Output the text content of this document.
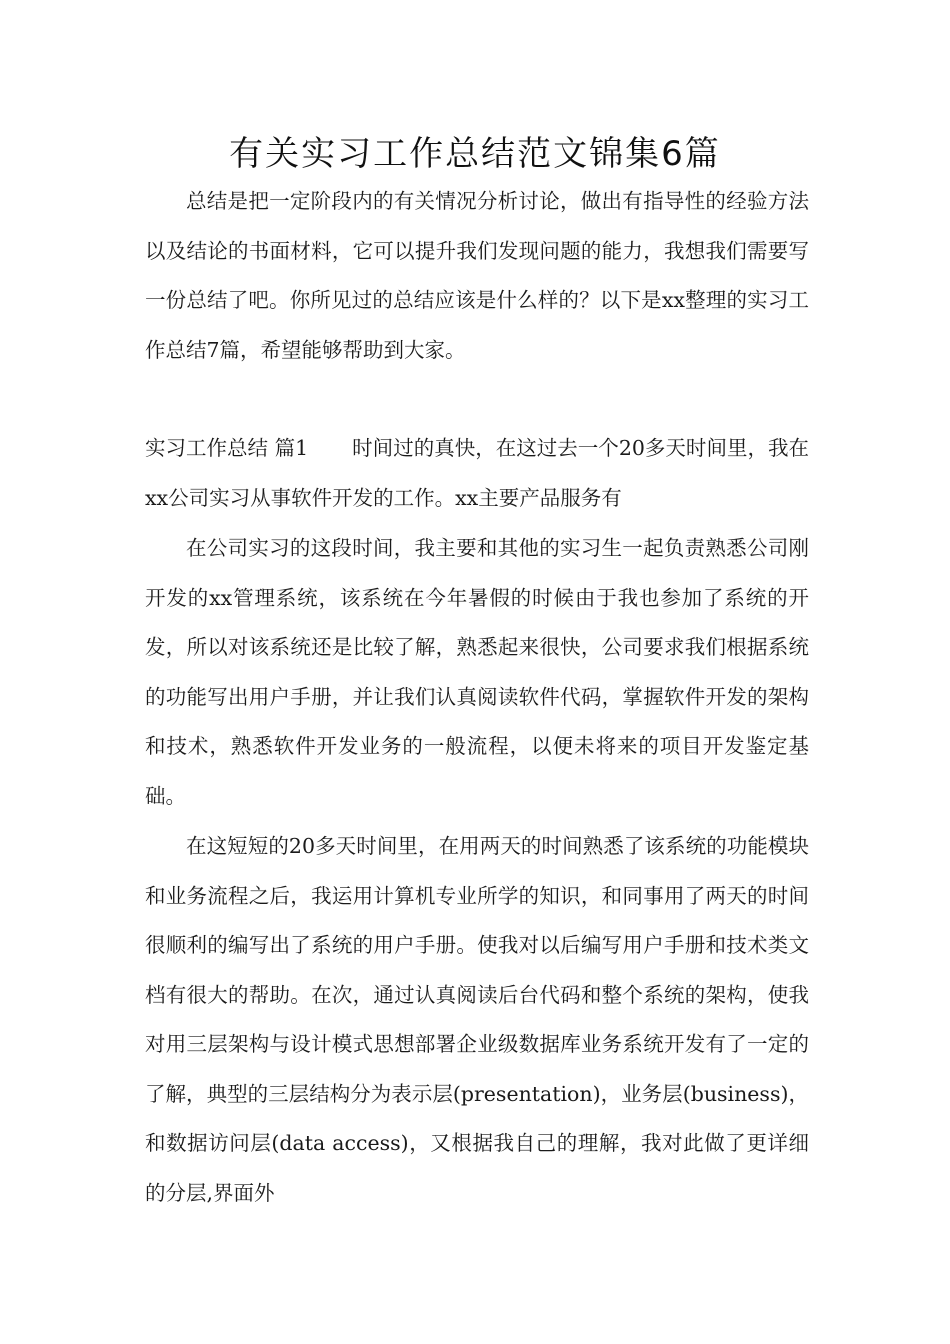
有关实习工作总结范文锦集6篇

总结是把一定阶段内的有关情况分析讨论，做出有指导性的经验方法以及结论的书面材料，它可以提升我们发现问题的能力，我想我们需要写一份总结了吧。你所见过的总结应该是什么样的？以下是xx整理的实习工作总结7篇，希望能够帮助到大家。

实习工作总结 篇1 时间过的真快，在这过去一个20多天时间里，我在xx公司实习从事软件开发的工作。xx主要产品服务有

在公司实习的这段时间，我主要和其他的实习生一起负责熟悉公司刚开发的xx管理系统，该系统在今年暑假的时候由于我也参加了系统的开发，所以对该系统还是比较了解，熟悉起来很快，公司要求我们根据系统的功能写出用户手册，并让我们认真阅读软件代码，掌握软件开发的架构和技术，熟悉软件开发业务的一般流程，以便未将来的项目开发鉴定基础。

在这短短的20多天时间里，在用两天的时间熟悉了该系统的功能模块和业务流程之后，我运用计算机专业所学的知识，和同事用了两天的时间很顺利的编写出了系统的用户手册。使我对以后编写用户手册和技术类文档有很大的帮助。在次，通过认真阅读后台代码和整个系统的架构，使我对用三层架构与设计模式思想部署企业级数据库业务系统开发有了一定的了解，典型的三层结构分为表示层(presentation)，业务层(business)，和数据访问层(data access)，又根据我自己的理解，我对此做了更详细的分层,界面外
